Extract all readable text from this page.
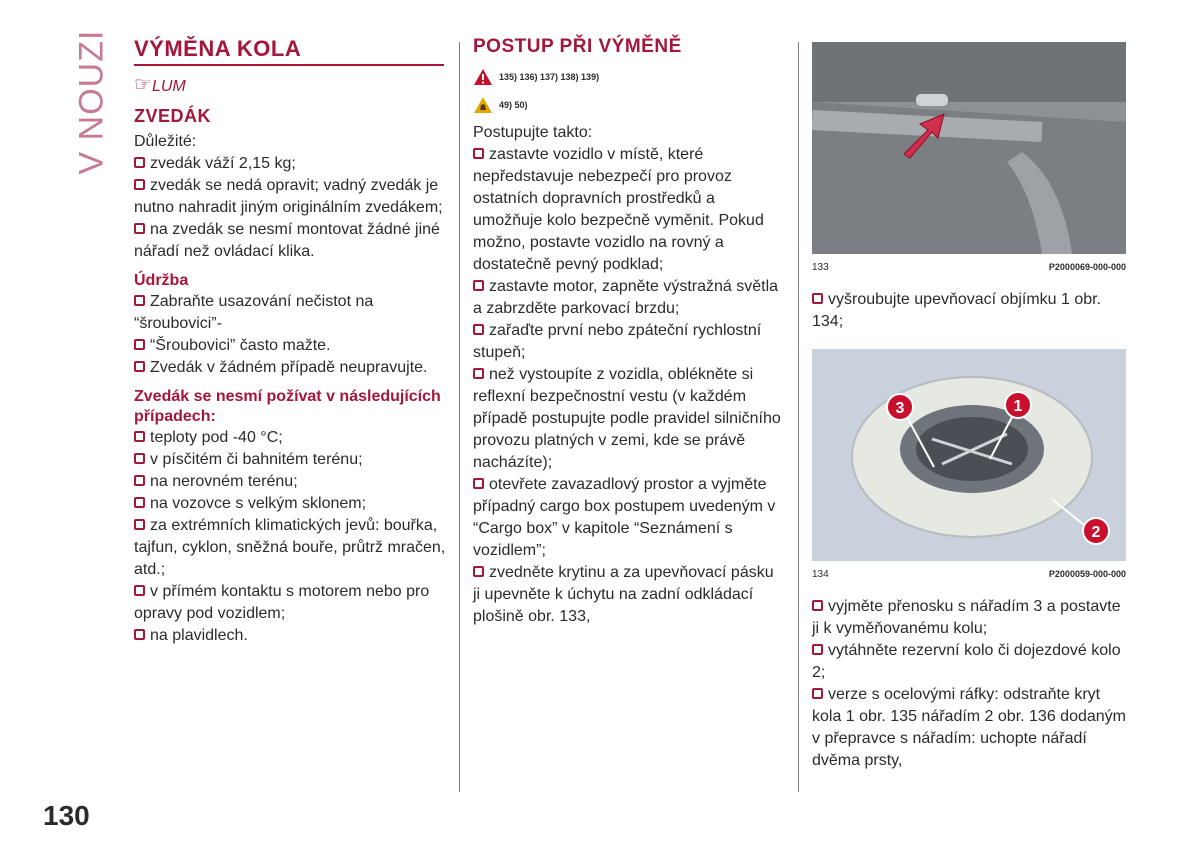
V NOUZI VÝMĚNA KOLA
☞LUM
ZVEDÁK

Důležité:

zvedák váží 2,15 kg;

zvedák se nedá opravit; vadný zvedák je nutno nahradit jiným originálním zvedákem;

na zvedák se nesmí montovat žádné jiné nářadí než ovládací klika.

Údržba

Zabraňte usazování nečistot na “šroubovici”-

“Šroubovici” často mažte.

Zvedák v žádném případě neupravujte.

Zvedák se nesmí požívat v následujících případech:

teploty pod -40 °C;

v písčitém či bahnitém terénu;

na nerovném terénu;

na vozovce s velkým sklonem;

za extrémních klimatických jevů: bouřka, tajfun, cyklon, sněžná bouře, průtrž mračen, atd.;

v přímém kontaktu s motorem nebo pro opravy pod vozidlem;

na plavidlech.

POSTUP PŘI VÝMĚNĚ
135) 136) 137) 138) 139)
49) 50)

Postupujte takto:

zastavte vozidlo v místě, které nepředstavuje nebezpečí pro provoz ostatních dopravních prostředků a umožňuje kolo bezpečně vyměnit. Pokud možno, postavte vozidlo na rovný a dostatečně pevný podklad;

zastavte motor, zapněte výstražná světla a zabrzděte parkovací brzdu;

zařaďte první nebo zpáteční rychlostní stupeň;

než vystoupíte z vozidla, oblékněte si reflexní bezpečnostní vestu (v každém případě postupujte podle pravidel silničního provozu platných v zemi, kde se právě nacházíte);

otevřete zavazadlový prostor a vyjměte případný cargo box postupem uvedeným v “Cargo box” v kapitole “Seznámení s vozidlem”;

zvedněte krytinu a za upevňovací pásku ji upevněte k úchytu na zadní odkládací plošině obr. 133,

133	P2000069-000-000

vyšroubujte upevňovací objímku 1 obr. 134;

3	1
2
134	P2000059-000-000

vyjměte přenosku s nářadím 3 a postavte ji k vyměňovanému kolu;

vytáhněte rezervní kolo či dojezdové kolo 2;

verze s ocelovými ráfky: odstraňte kryt kola 1 obr. 135 nářadím 2 obr. 136 dodaným v přepravce s nářadím: uchopte nářadí dvěma prsty,

130
